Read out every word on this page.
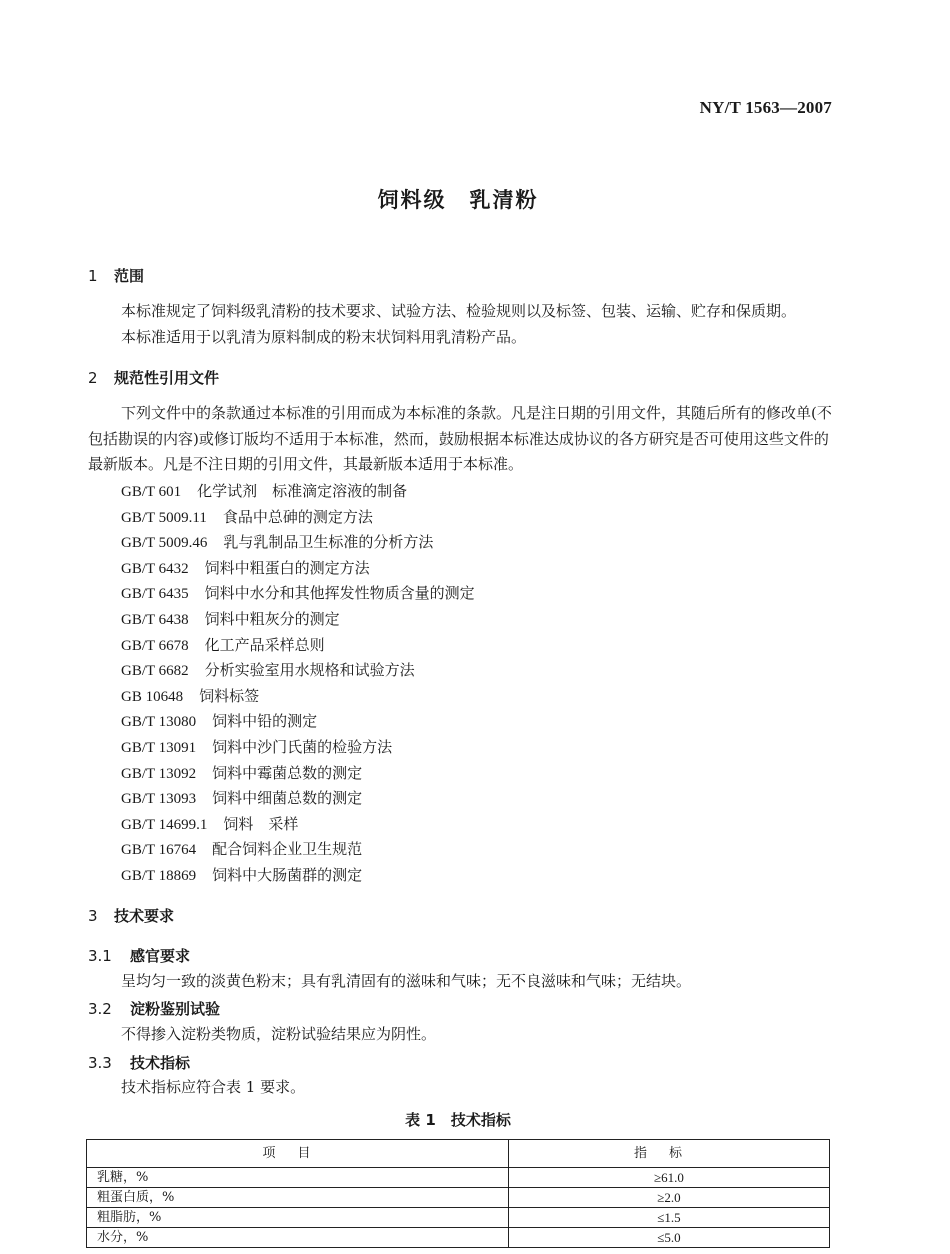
NY/T 1563—2007
饲料级　乳清粉
1 范围

本标准规定了饲料级乳清粉的技术要求、试验方法、检验规则以及标签、包装、运输、贮存和保质期。

本标准适用于以乳清为原料制成的粉末状饲料用乳清粉产品。

2 规范性引用文件

下列文件中的条款通过本标准的引用而成为本标准的条款。凡是注日期的引用文件，其随后所有的修改单(不包括勘误的内容)或修订版均不适用于本标准，然而，鼓励根据本标准达成协议的各方研究是否可使用这些文件的最新版本。凡是不注日期的引用文件，其最新版本适用于本标准。

GB/T 601 化学试剂　标准滴定溶液的制备
GB/T 5009.11 食品中总砷的测定方法
GB/T 5009.46 乳与乳制品卫生标准的分析方法
GB/T 6432 饲料中粗蛋白的测定方法
GB/T 6435 饲料中水分和其他挥发性物质含量的测定
GB/T 6438 饲料中粗灰分的测定
GB/T 6678 化工产品采样总则
GB/T 6682 分析实验室用水规格和试验方法
GB 10648 饲料标签
GB/T 13080 饲料中铅的测定
GB/T 13091 饲料中沙门氏菌的检验方法
GB/T 13092 饲料中霉菌总数的测定
GB/T 13093 饲料中细菌总数的测定
GB/T 14699.1 饲料　采样
GB/T 16764 配合饲料企业卫生规范
GB/T 18869 饲料中大肠菌群的测定
3 技术要求
3.1 感官要求

呈均匀一致的淡黄色粉末；具有乳清固有的滋味和气味；无不良滋味和气味；无结块。

3.2 淀粉鉴别试验

不得掺入淀粉类物质，淀粉试验结果应为阴性。

3.3 技术指标

技术指标应符合表 1 要求。

表 1　技术指标
项目	指标
乳糖，%	≥61.0
粗蛋白质，%	≥2.0
粗脂肪，%	≤1.5
水分，%	≤5.0
